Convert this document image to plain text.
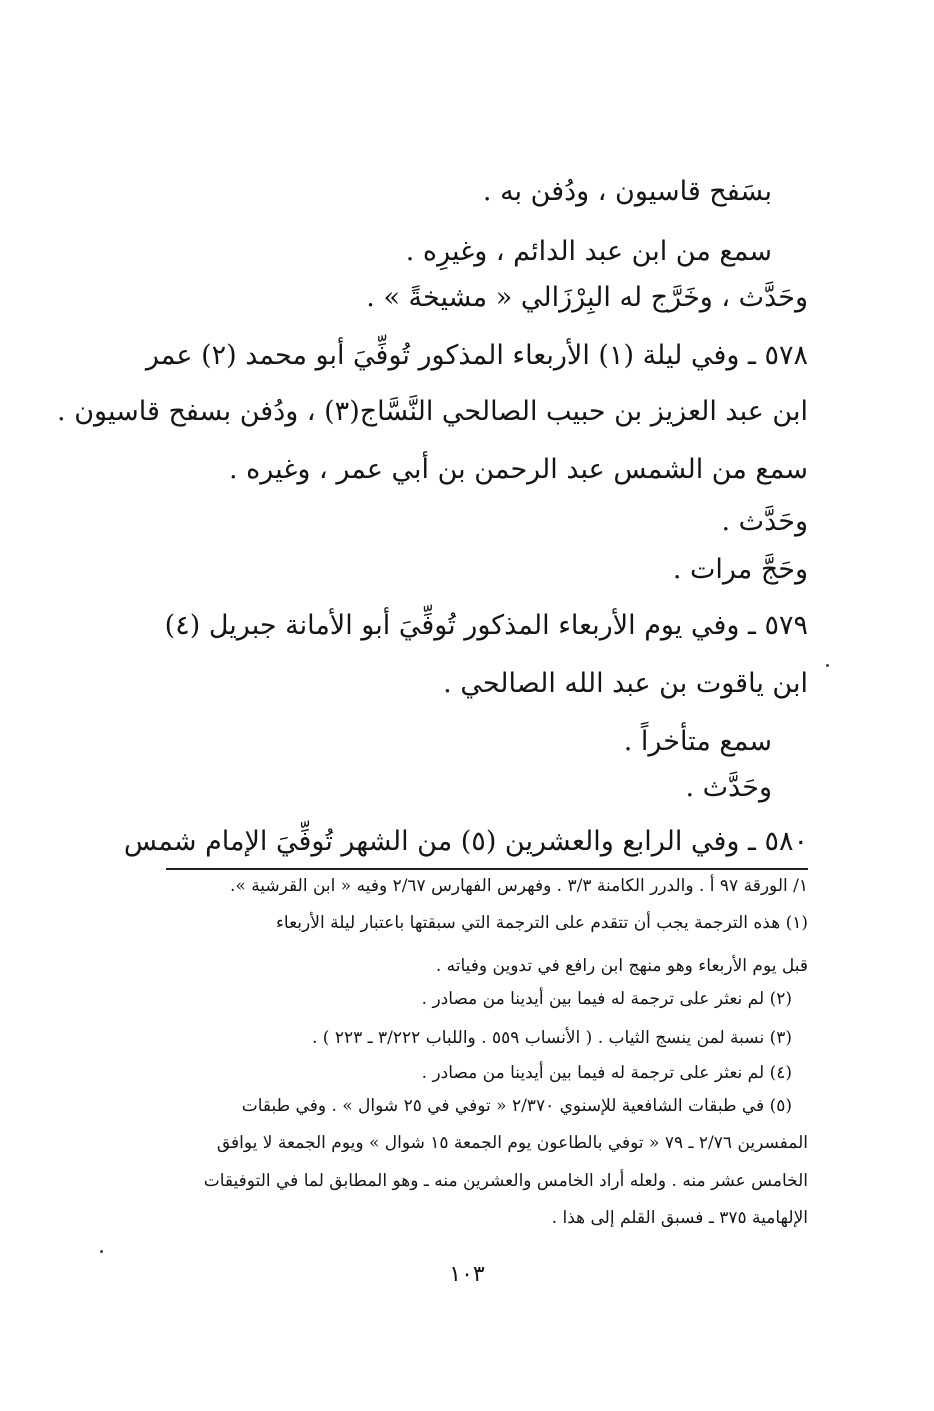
بسَفح قاسيون ، ودُفن به .
سمع من ابن عبد الدائم ، وغيرِه .
وحَدَّث ، وخَرَّج له البِرْزَالي « مشيخةً » .
٥٧٨ ـ وفي ليلة (١) الأربعاء المذكور تُوفِّيَ أبو محمد (٢) عمر
ابن عبد العزيز بن حبيب الصالحي النَّسَّاج(٣) ، ودُفن بسفح قاسيون .
سمع من الشمس عبد الرحمن بن أبي عمر ، وغيره .
وحَدَّث .
وحَجَّ مرات .
٥٧٩ ـ وفي يوم الأربعاء المذكور تُوفِّيَ أبو الأمانة جبريل (٤)
ابن ياقوت بن عبد الله الصالحي .
سمع متأخراً .
وحَدَّث .
٥٨٠ ـ وفي الرابع والعشرين (٥) من الشهر تُوفِّيَ الإمام شمس
١/ الورقة ٩٧ أ . والدرر الكامنة ٣/٣ . وفهرس الفهارس ٢/٦٧ وفيه « ابن القرشية ».
(١) هذه الترجمة يجب أن تتقدم على الترجمة التي سبقتها باعتبار ليلة الأربعاء
قبل يوم الأربعاء وهو منهج ابن رافع في تدوين وفياته .
(٢) لم نعثر على ترجمة له فيما بين أيدينا من مصادر .
(٣) نسبة لمن ينسج الثياب . ( الأنساب ٥٥٩ . واللباب ٣/٢٢٢ ـ ٢٢٣ ) .
(٤) لم نعثر على ترجمة له فيما بين أيدينا من مصادر .
(٥) في طبقات الشافعية للإسنوي ٢/٣٧٠ « توفي في ٢٥ شوال » . وفي طبقات
المفسرين ٢/٧٦ ـ ٧٩ « توفي بالطاعون يوم الجمعة ١٥ شوال » ويوم الجمعة لا يوافق
الخامس عشر منه . ولعله أراد الخامس والعشرين منه ـ وهو المطابق لما في التوفيقات
الإلهامية ٣٧٥ ـ فسبق القلم إلى هذا .
١٠٣
